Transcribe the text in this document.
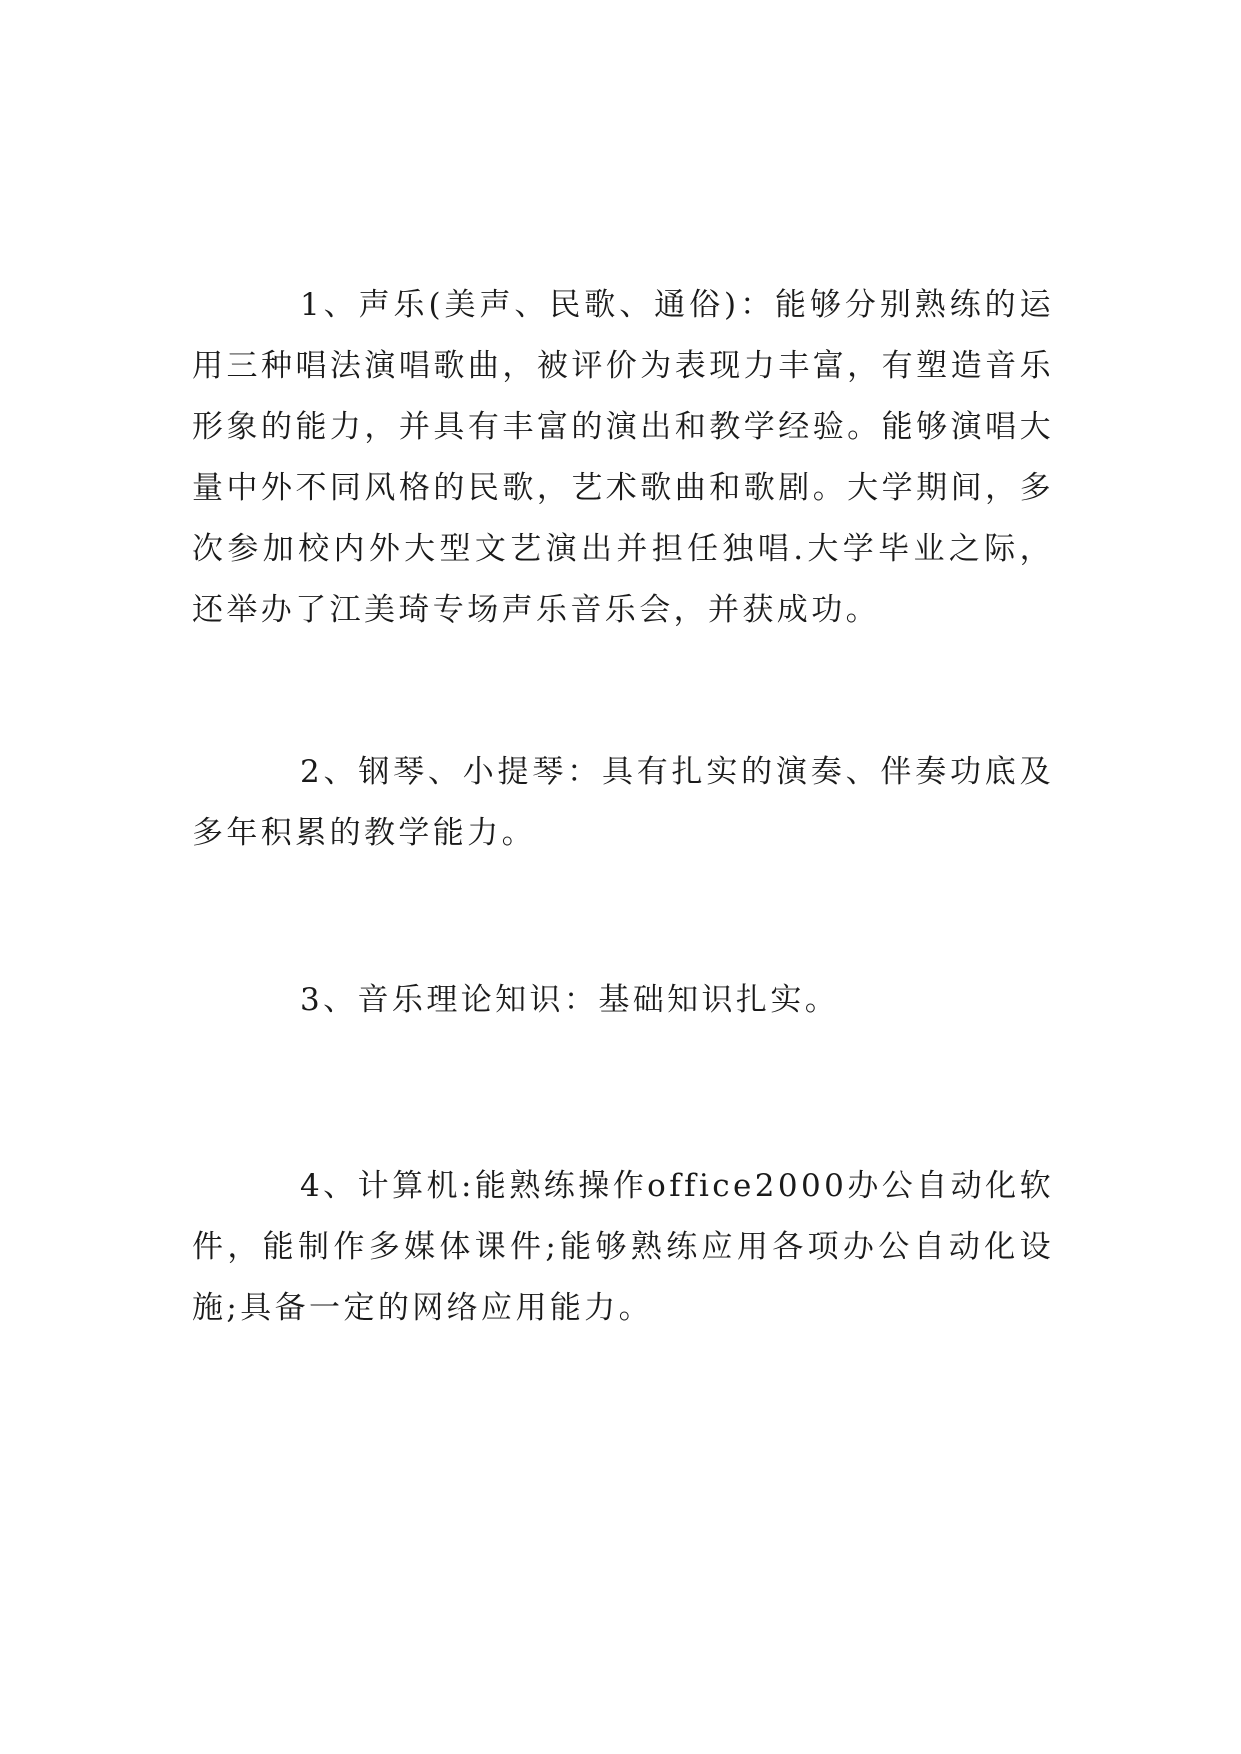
1、声乐(美声、民歌、通俗)：能够分别熟练的运用三种唱法演唱歌曲，被评价为表现力丰富，有塑造音乐形象的能力，并具有丰富的演出和教学经验。能够演唱大量中外不同风格的民歌，艺术歌曲和歌剧。大学期间，多次参加校内外大型文艺演出并担任独唱.大学毕业之际，还举办了江美琦专场声乐音乐会，并获成功。

2、钢琴、小提琴：具有扎实的演奏、伴奏功底及多年积累的教学能力。

3、音乐理论知识：基础知识扎实。

4、计算机:能熟练操作office2000办公自动化软件，能制作多媒体课件;能够熟练应用各项办公自动化设施;具备一定的网络应用能力。
